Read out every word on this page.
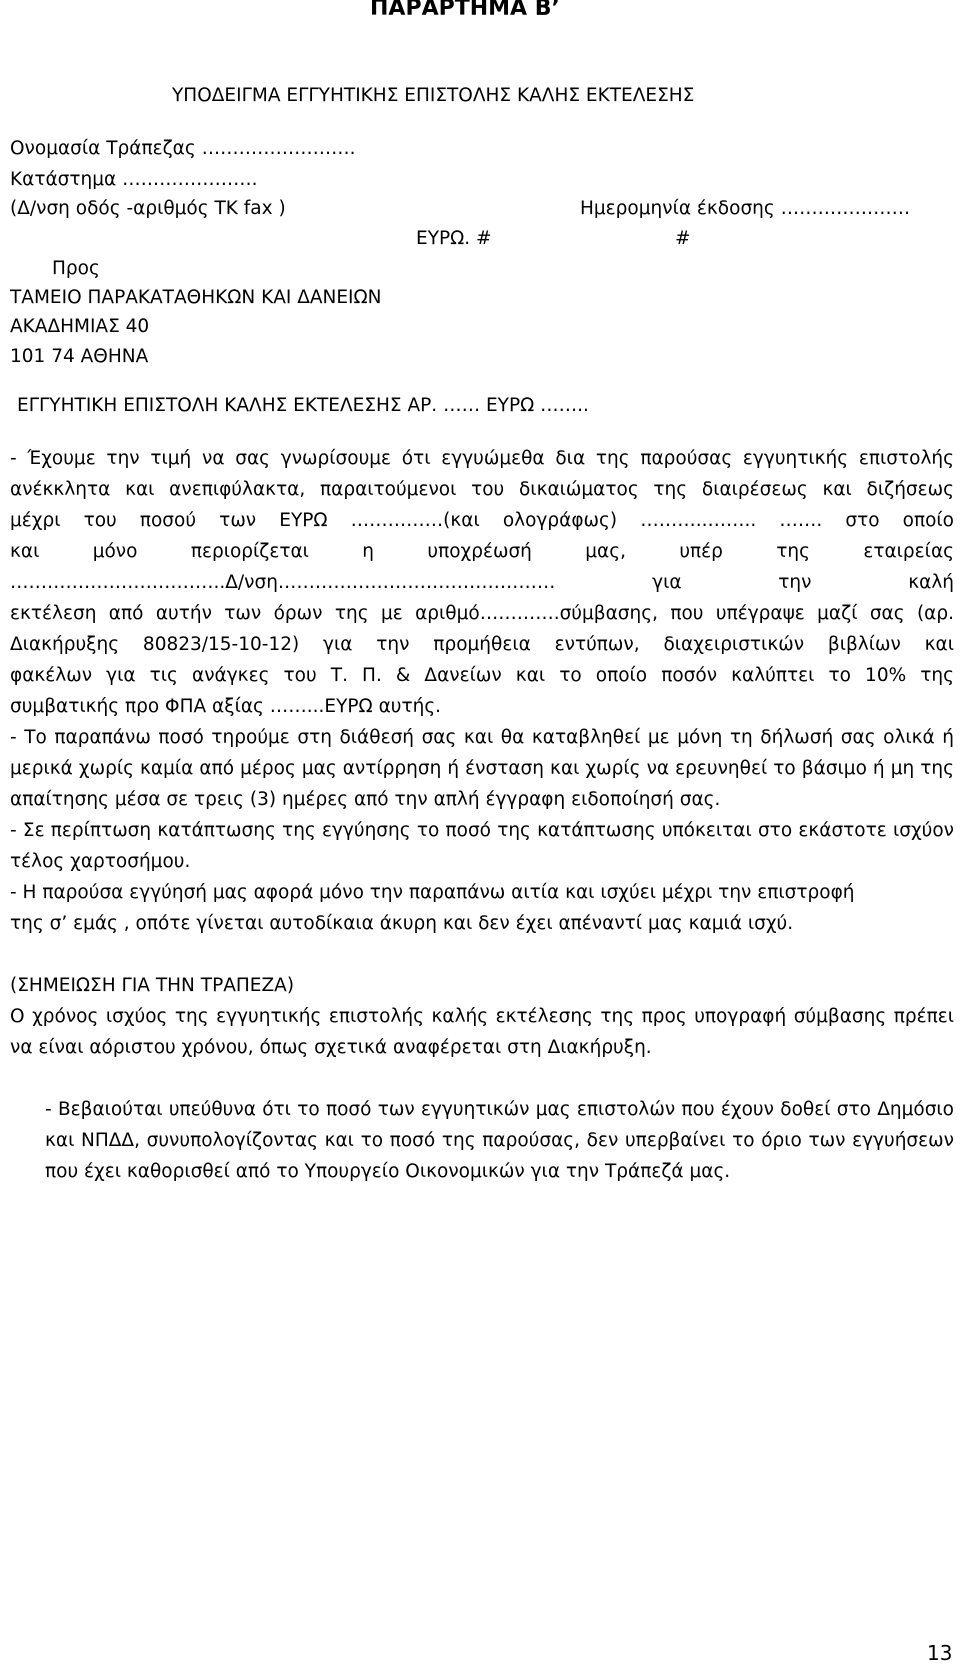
ΠΑΡΑΡΤΗΜΑ Β’
ΥΠΟΔΕΙΓΜΑ ΕΓΓΥΗΤΙΚΗΣ ΕΠΙΣΤΟΛΗΣ ΚΑΛΗΣ ΕΚΤΕΛΕΣΗΣ
Ονομασία Τράπεζας …………………….
Κατάστημα ………………….
(Δ/νση οδός -αριθμός ΤΚ fax )	Ημερομηνία έκδοσης …………………
ΕΥΡΩ. #	#
Προς
ΤΑΜΕΙΟ ΠΑΡΑΚΑΤΑΘΗΚΩΝ ΚΑΙ ΔΑΝΕΙΩΝ
ΑΚΑΔΗΜΙΑΣ 40
101 74 ΑΘΗΝΑ
ΕΓΓΥΗΤΙΚΗ ΕΠΙΣΤΟΛΗ ΚΑΛΗΣ ΕΚΤΕΛΕΣΗΣ ΑΡ. …… ΕΥΡΩ ……..
- Έχουμε την τιμή να σας γνωρίσουμε ότι εγγυώμεθα δια της παρούσας εγγυητικής επιστολής
ανέκκλητα και ανεπιφύλακτα, παραιτούμενοι του δικαιώματος της διαιρέσεως και διζήσεως
μέχρι του ποσού των ΕΥΡΩ ……………(και ολογράφως) ………..…….. ……. στο οποίο
και μόνο περιορίζεται η υποχρέωσή μας, υπέρ της εταιρείας
……………………………..Δ/νση……………………………………… για την καλή
εκτέλεση από αυτήν των όρων της με αριθμό………….σύμβασης, που υπέγραψε μαζί σας (αρ.
Διακήρυξης 80823/15-10-12) για την προμήθεια εντύπων, διαχειριστικών βιβλίων και
φακέλων για τις ανάγκες του Τ. Π. & Δανείων και το οποίο ποσόν καλύπτει το 10% της
συμβατικής προ ΦΠΑ αξίας ……...ΕΥΡΩ αυτής.

- Το παραπάνω ποσό τηρούμε στη διάθεσή σας και θα καταβληθεί με μόνη τη δήλωσή σας ολικά ή μερικά χωρίς καμία από μέρος μας αντίρρηση ή ένσταση και χωρίς να ερευνηθεί το βάσιμο ή μη της απαίτησης μέσα σε τρεις (3) ημέρες από την απλή έγγραφη ειδοποίησή σας.

- Σε περίπτωση κατάπτωσης της εγγύησης το ποσό της κατάπτωσης υπόκειται στο εκάστοτε ισχύον τέλος χαρτοσήμου.

- Η παρούσα εγγύησή μας αφορά μόνο την παραπάνω αιτία και ισχύει μέχρι την επιστροφή
της σ’ εμάς , οπότε γίνεται αυτοδίκαια άκυρη και δεν έχει απέναντί μας καμιά ισχύ.
(ΣΗΜΕΙΩΣΗ ΓΙΑ ΤΗΝ ΤΡΑΠΕΖΑ)

Ο χρόνος ισχύος της εγγυητικής επιστολής καλής εκτέλεσης της προς υπογραφή σύμβασης πρέπει να είναι αόριστου χρόνου, όπως σχετικά αναφέρεται στη Διακήρυξη.

- Βεβαιούται υπεύθυνα ότι το ποσό των εγγυητικών μας επιστολών που έχουν δοθεί στο Δημόσιο και ΝΠΔΔ, συνυπολογίζοντας και το ποσό της παρούσας, δεν υπερβαίνει το όριο των εγγυήσεων που έχει καθορισθεί από το Υπουργείο Οικονομικών για την Τράπεζά μας.

13
